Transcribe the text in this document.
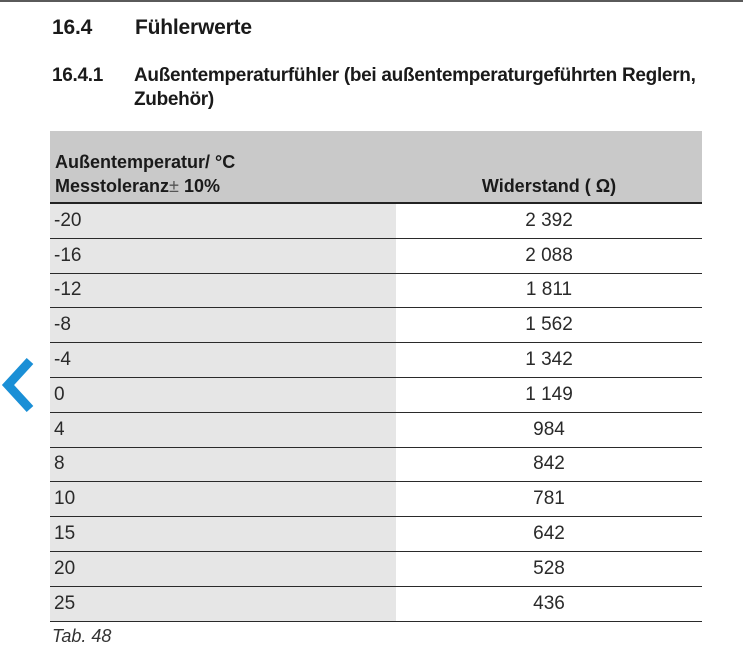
16.4 Fühlerwerte
16.4.1	Außentemperaturfühler (bei außentemperaturgeführten Reglern, Zubehör)
Außentemperatur/ °C
Messtoleranz± 10%	Widerstand ( Ω)
-20	2 392
-16	2 088
-12	1 811
-8	1 562
-4	1 342
0	1 149
4	984
8	842
10	781
15	642
20	528
25	436
Tab. 48
